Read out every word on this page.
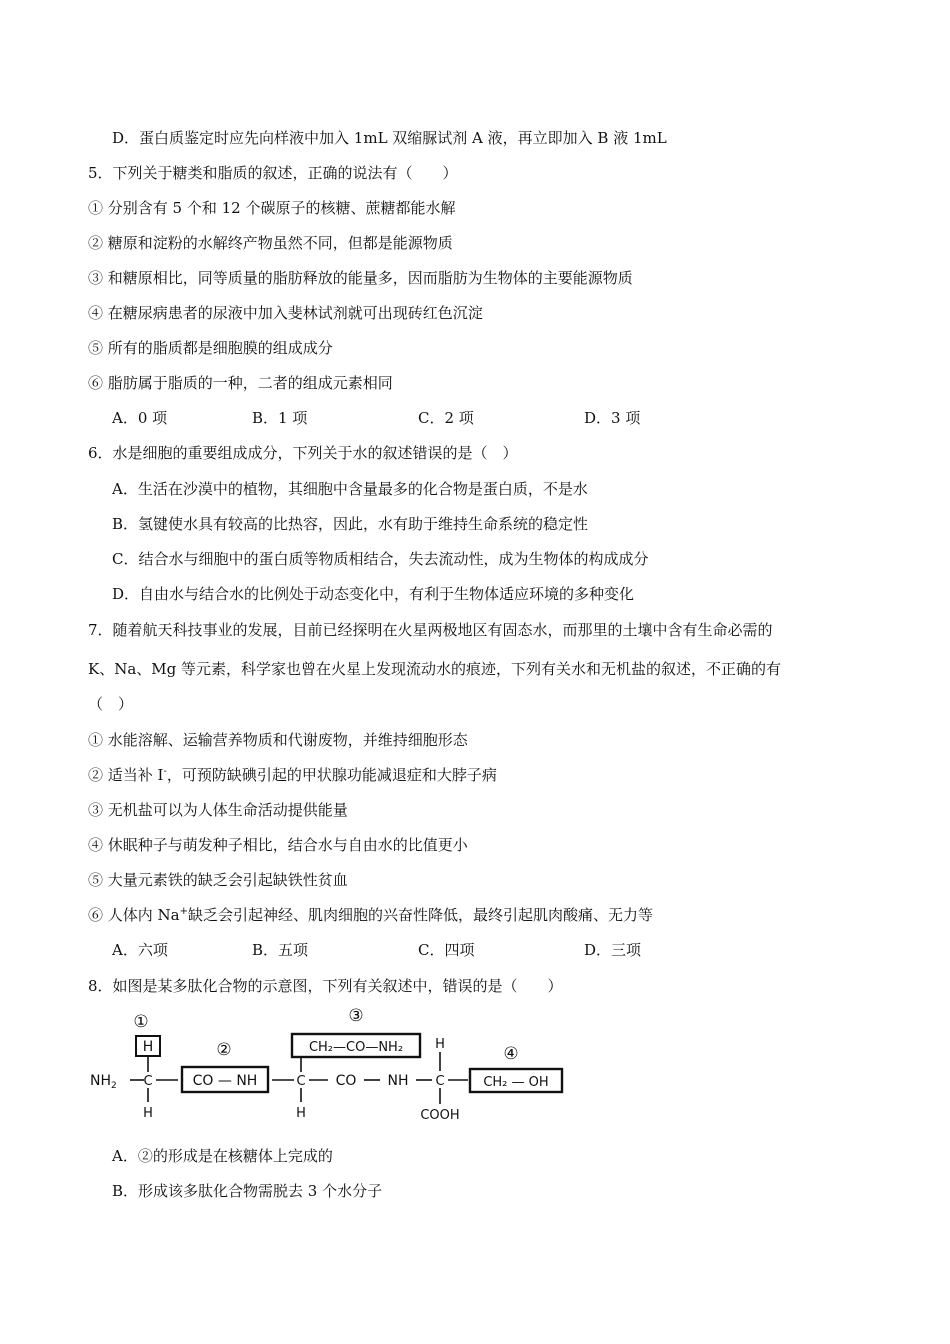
D．蛋白质鉴定时应先向样液中加入 1mL 双缩脲试剂 A 液，再立即加入 B 液 1mL
5．下列关于糖类和脂质的叙述，正确的说法有（　　）
① 分别含有 5 个和 12 个碳原子的核糖、蔗糖都能水解
② 糖原和淀粉的水解终产物虽然不同，但都是能源物质
③ 和糖原相比，同等质量的脂肪释放的能量多，因而脂肪为生物体的主要能源物质
④ 在糖尿病患者的尿液中加入斐林试剂就可出现砖红色沉淀
⑤ 所有的脂质都是细胞膜的组成成分
⑥ 脂肪属于脂质的一种，二者的组成元素相同
A．0 项	B．1 项	C．2 项	D．3 项
6．水是细胞的重要组成成分，下列关于水的叙述错误的是（　）
A．生活在沙漠中的植物，其细胞中含量最多的化合物是蛋白质，不是水
B．氢键使水具有较高的比热容，因此，水有助于维持生命系统的稳定性
C．结合水与细胞中的蛋白质等物质相结合，失去流动性，成为生物体的构成成分
D．自由水与结合水的比例处于动态变化中，有利于生物体适应环境的多种变化
7．随着航天科技事业的发展，目前已经探明在火星两极地区有固态水，而那里的土壤中含有生命必需的
K、Na、Mg 等元素，科学家也曾在火星上发现流动水的痕迹，下列有关水和无机盐的叙述，不正确的有
（　）
① 水能溶解、运输营养物质和代谢废物，并维持细胞形态
② 适当补 I-，可预防缺碘引起的甲状腺功能减退症和大脖子病
③ 无机盐可以为人体生命活动提供能量
④ 休眠种子与萌发种子相比，结合水与自由水的比值更小
⑤ 大量元素铁的缺乏会引起缺铁性贫血
⑥ 人体内 Na+缺乏会引起神经、肌肉细胞的兴奋性降低，最终引起肌肉酸痛、无力等
A．六项	B．五项	C．四项	D．三项
8．如图是某多肽化合物的示意图，下列有关叙述中，错误的是（　　）
①
②
③
④
$NH_2$
H
C
H
CO — NH	C
CH₂—CO—NH₂
H
CO NH
H
C
COOH
CH₂ — OH
A．②的形成是在核糖体上完成的
B．形成该多肽化合物需脱去 3 个水分子
